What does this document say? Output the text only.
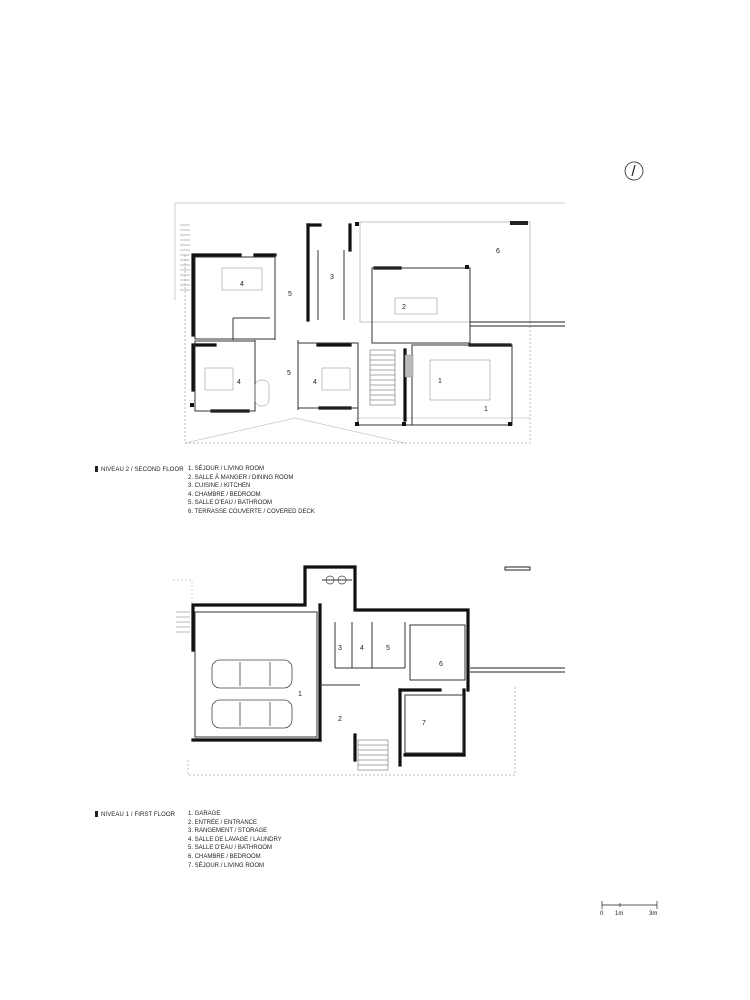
4
5
3
2
6
4
5
4	1
1
1
2
3	4	5
6
7
NIVEAU 2 / SECOND FLOOR 1. SÉJOUR / LIVING ROOM
2. SALLE À MANGER / DINING ROOM
3. CUISINE / KITCHEN
4. CHAMBRE / BEDROOM
5. SALLE D'EAU / BATHROOM
6. TERRASSE COUVERTE / COVERED DECK
NIVEAU 1 / FIRST FLOOR 1. GARAGE
2. ENTRÉE / ENTRANCE
3. RANGEMENT / STORAGE
4. SALLE DE LAVAGE / LAUNDRY
5. SALLE D'EAU / BATHROOM
6. CHAMBRE / BEDROOM
7. SÉJOUR / LIVING ROOM
0 1m	3m
